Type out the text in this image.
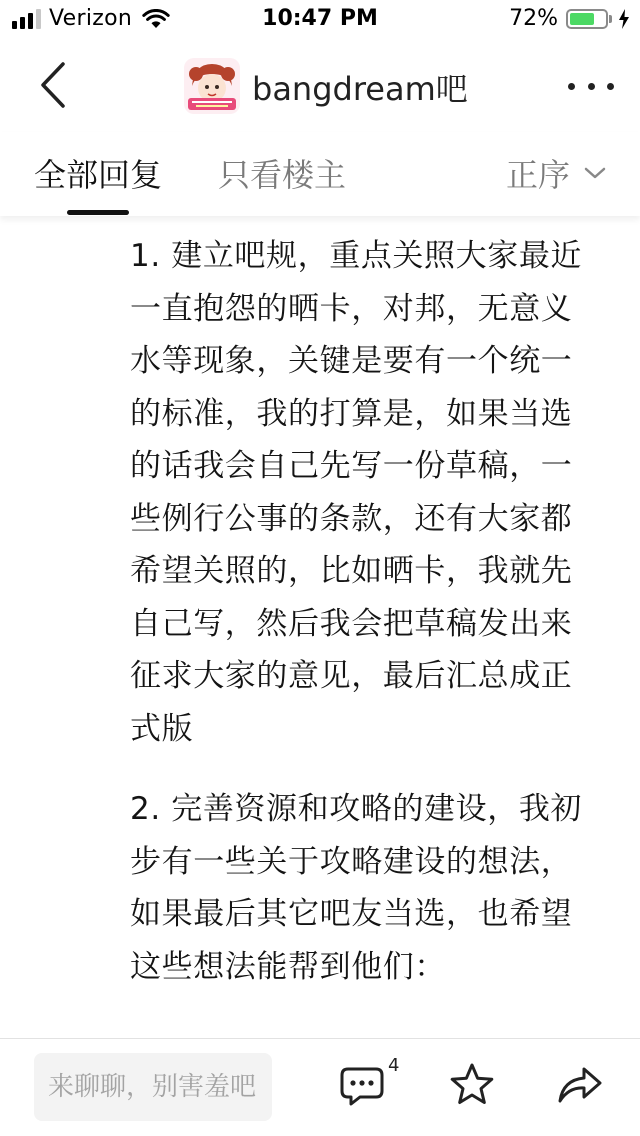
Verizon	10:47 PM	72%
bangdream吧
全部回复 只看楼主	正序

1. 建立吧规，重点关照大家最近一直抱怨的晒卡，对邦，无意义水等现象，关键是要有一个统一的标准，我的打算是，如果当选的话我会自己先写一份草稿，一些例行公事的条款，还有大家都希望关照的，比如晒卡，我就先自己写，然后我会把草稿发出来征求大家的意见，最后汇总成正式版

2. 完善资源和攻略的建设，我初步有一些关于攻略建设的想法，如果最后其它吧友当选，也希望这些想法能帮到他们：

来聊聊，别害羞吧
4
